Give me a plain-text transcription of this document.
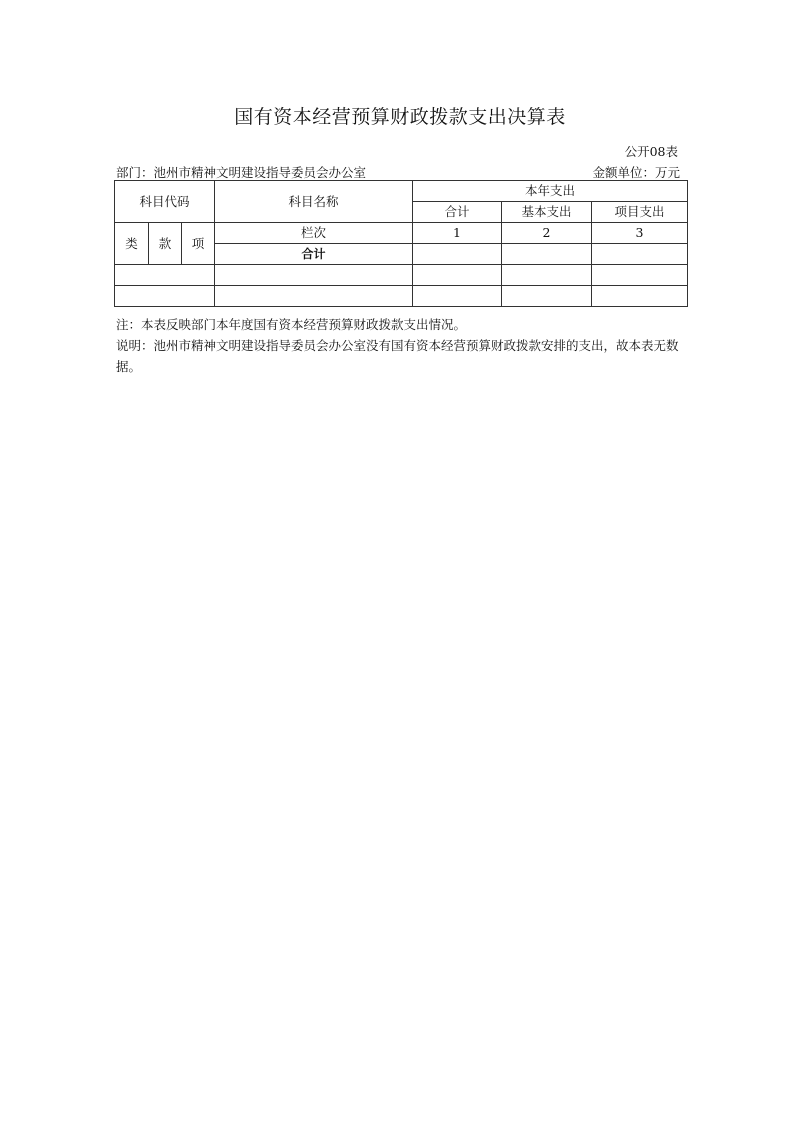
国有资本经营预算财政拨款支出决算表
公开08表
部门： 池州市精神文明建设指导委员会办公室	金额单位：万元
科目代码			科目名称	本年支出		
				合计	基本支出	项目支出
类	款	项	栏次	1	2	3
			合计			

注：本表反映部门本年度国有资本经营预算财政拨款支出情况。

说明：池州市精神文明建设指导委员会办公室没有国有资本经营预算财政拨款安排的支出，故本表无数据。
